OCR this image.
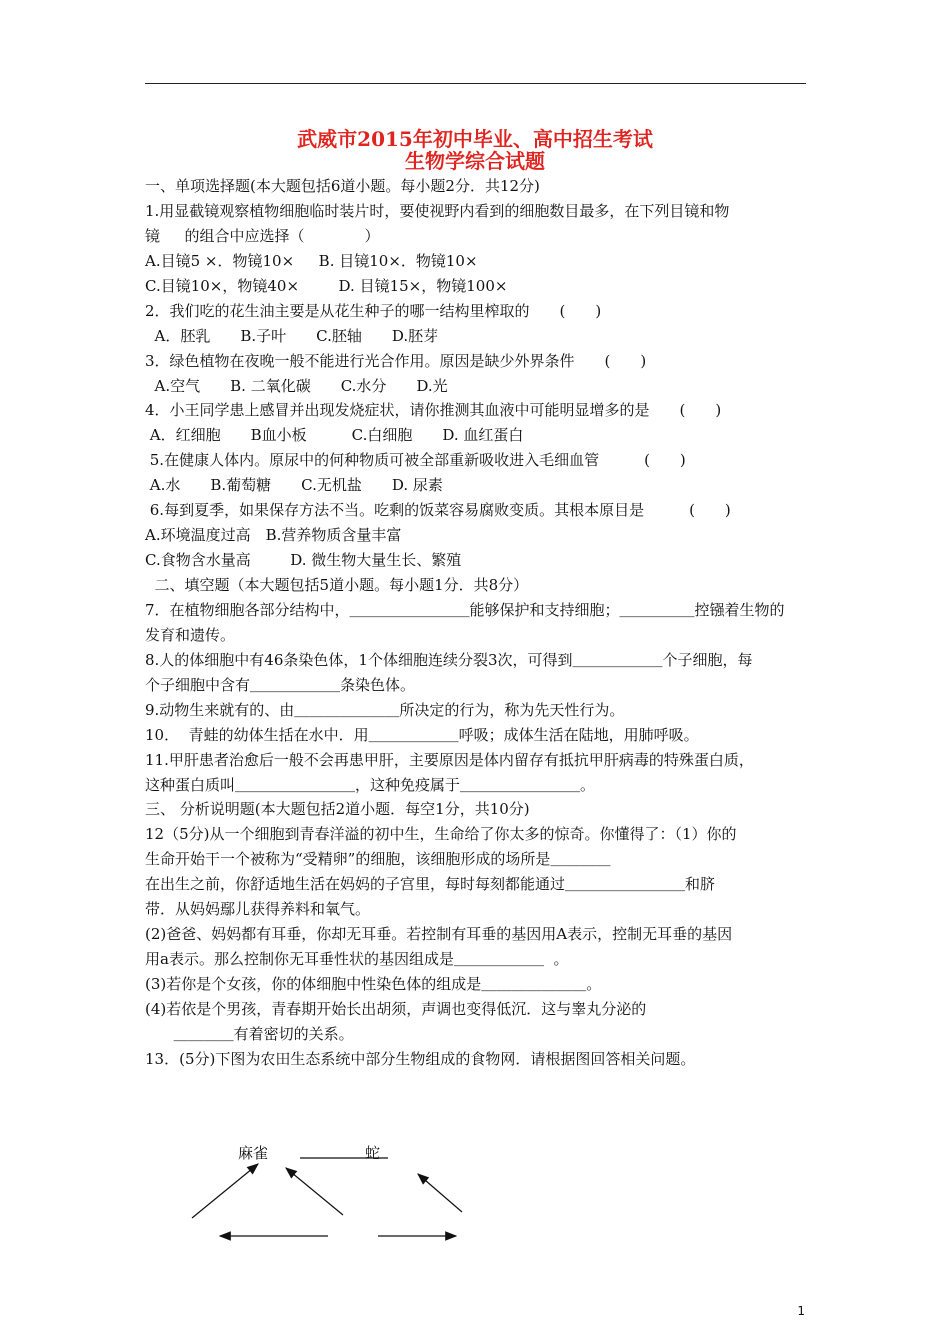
武威市2015年初中毕业、高中招生考试
生物学综合试题
一、单项选择题(本大题包括6道小题。每小题2分．共12分)
1.用显截镜观察植物细胞临时装片时，要使视野内看到的细胞数目最多，在下列目镜和物
镜　  的组合中应选择（　　　　）
A.目镜5 ×．物镜10×　  B. 目镜10×．物镜10×
C.目镜10×，物镜40×　　  D. 目镜15×，物镜100×
2．我们吃的花生油主要是从花生种子的哪一结构里榨取的　　(　　)
A．胚乳　　B.子叶　　C.胚轴　　D.胚芽
3．绿色植物在夜晚一般不能进行光合作用。原因是缺少外界条件　　(　　)
A.空气　　B. 二氧化碳　　C.水分　　D.光
4．小王同学患上感冒并出现发烧症状，请你推测其血液中可能明显增多的是　　(　　)
A．红细胞　　B血小板　　　C.白细胞　　D. 血红蛋白
5.在健康人体内。原尿中的何种物质可被全部重新吸收进入毛细血管　　　(　　)
A.水　　B.葡萄糖　　C.无机盐　　D. 尿素
6.每到夏季，如果保存方法不当。吃剩的饭菜容易腐败变质。其根本原目是　　　(　　)
A.环境温度过高　B.营养物质含量丰富
C.食物含水量高　　  D. 微生物大量生长、繁殖
二、填空题（本大题包括5道小题。每小题1分．共8分）
7．在植物细胞各部分结构中，＿＿＿＿＿＿＿＿能够保护和支持细胞；＿＿＿＿＿控镪着生物的
发育和遗传。
8.人的体细胞中有46条染色体，1个体细胞连续分裂3次，可得到＿＿＿＿＿＿个子细胞，每
个子细胞中含有＿＿＿＿＿＿条染色体。
9.动物生来就有的、由＿＿＿＿＿＿＿所决定的行为，称为先天性行为。
10．  青蛙的幼体生括在水中．用＿＿＿＿＿＿呼吸；成体生活在陆地，用肺呼吸。
11.甲肝患者治愈后一般不会再患甲肝，主要原因是体内留存有抵抗甲肝病毒的特殊蛋白质，
这种蛋白质叫＿＿＿＿＿＿＿＿，这种免疫属于＿＿＿＿＿＿＿＿。
三、 分析说明题(本大题包括2道小题．每空1分，共10分)
12（5分)从一个细胞到青春洋溢的初中生，生命给了你太多的惊奇。你懂得了：（1）你的
生命开始干一个被称为“受精卵”的细胞，该细胞形成的场所是＿＿＿＿
在出生之前，你舒适地生活在妈妈的子宫里，每时每刻都能通过＿＿＿＿＿＿＿＿和脐
带．从妈妈鄢儿获得养料和氧气。
(2)爸爸、妈妈都有耳垂，你却无耳垂。若控制有耳垂的基因用A表示，控制无耳垂的基因
用a表示。那么控制你无耳垂性状的基因组成是＿＿＿＿＿＿  。
(3)若你是个女孩，你的体细胞中性染色体的组成是＿＿＿＿＿＿＿。
(4)若依是个男孩，青春期开始长出胡须，声调也变得低沉．这与睾丸分泌的
＿＿＿＿有着密切的关系。
13．(5分)下图为农田生态系统中部分生物组成的食物网．请根据图回答相关问题。
麻雀	蛇
1
